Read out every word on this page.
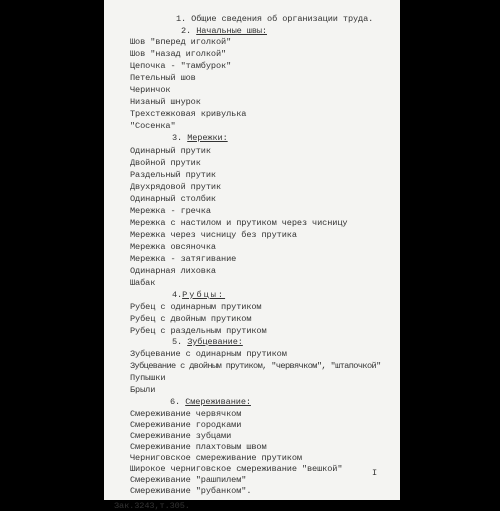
1. Общие сведения об организации труда.
2. Начальные швы:
Шов "вперед иголкой"
Шов "назад иголкой"
Цепочка - "тамбурок"
Петельный шов
Черинчок
Низаный шнурок
Трехстежковая кривулька
"Сосенка"
3. Мережки:
Одинарный прутик
Двойной прутик
Раздельный прутик
Двухрядовой прутик
Одинарный столбик
Мережка - гречка
Мережка с настилом и прутиком через чисницу
Мережка через чисницу без прутика
Мережка овсяночка
Мережка - затягивание
Одинарная лиховка
Шабак
4.Рубцы:
Рубец с одинарным прутиком
Рубец с двойным прутиком
Рубец с раздельным прутиком
5. Зубцевание:
Зубцевание с одинарным прутиком
Зубцевание с двойным прутиком, "червячком", "штапочкой"
Пупышки
Брыли
6. Смереживание:
Смереживание червячком
Смереживание городками
Смереживание зубцами
Смереживание плахтовым швом
Черниговское смереживание прутиком
Широкое черниговское смереживание "вешкой"
Смереживание "рашпилем"
Смереживание "рубанком".
I
Зак.3243,т.305.
